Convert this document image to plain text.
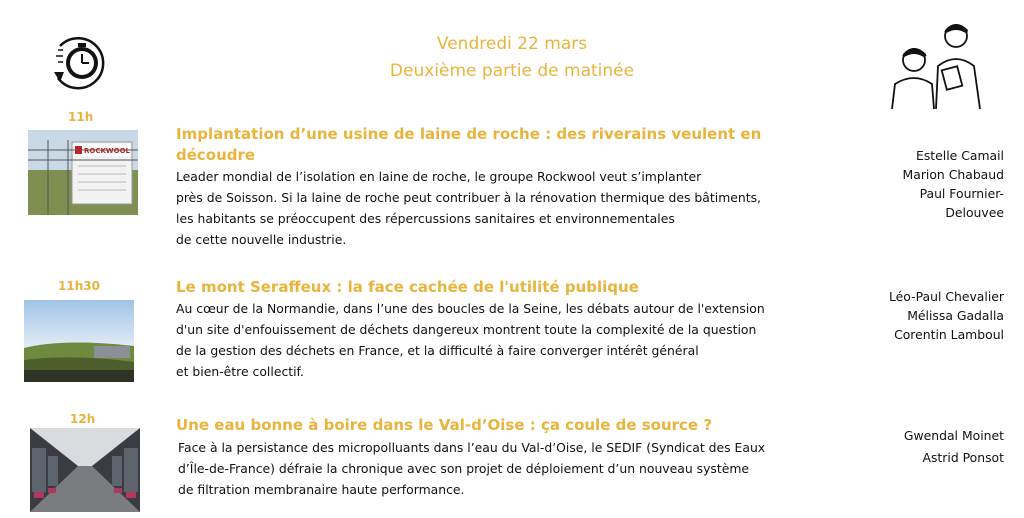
Vendredi 22 mars
Deuxième partie de matinée
11h
ROCKWOOL
Implantation d’une usine de laine de roche : des riverains veulent en
découdre
Leader mondial de l’isolation en laine de roche, le groupe Rockwool veut s’implanter
près de Soisson. Si la laine de roche peut contribuer à la rénovation thermique des bâtiments,
les habitants se préoccupent des répercussions sanitaires et environnementales
de cette nouvelle industrie.
Estelle Camail
Marion Chabaud
Paul Fournier-
Delouvee
11h30	Le mont Seraffeux : la face cachée de l'utilité publique
Au cœur de la Normandie, dans l’une des boucles de la Seine, les débats autour de l'extension
d'un site d'enfouissement de déchets dangereux montrent toute la complexité de la question
de la gestion des déchets en France, et la difficulté à faire converger intérêt général
et bien-être collectif.
Léo-Paul Chevalier
Mélissa Gadalla
Corentin Lamboul
12h	Une eau bonne à boire dans le Val-d’Oise : ça coule de source ?
Face à la persistance des micropolluants dans l’eau du Val-d’Oise, le SEDIF (Syndicat des Eaux
d’Île-de-France) défraie la chronique avec son projet de déploiement d’un nouveau système
de filtration membranaire haute performance.
Gwendal Moinet
Astrid Ponsot
